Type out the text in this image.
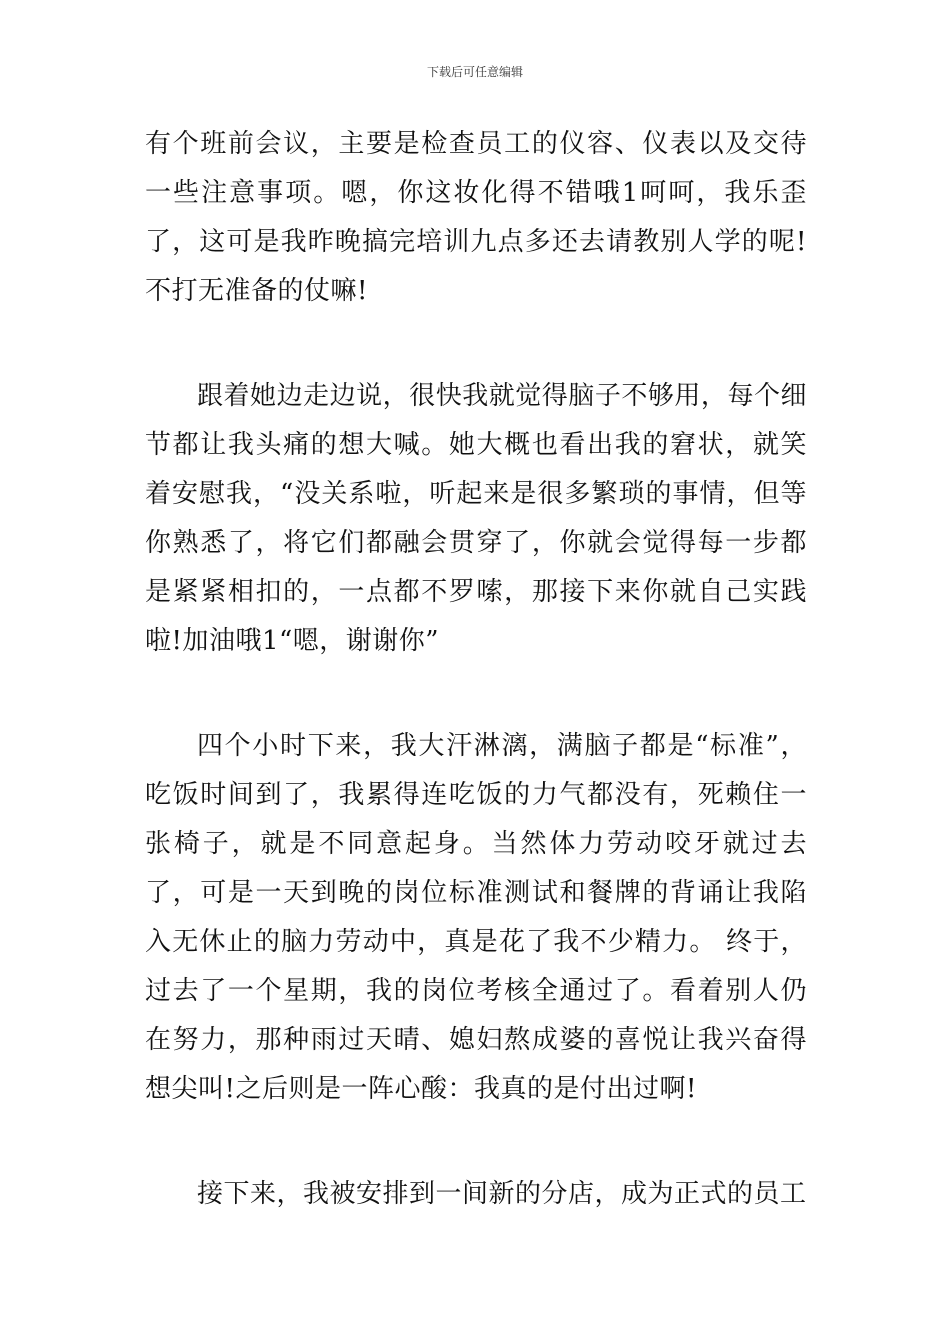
下载后可任意编辑

有个班前会议，主要是检查员工的仪容、仪表以及交待一些注意事项。嗯，你这妆化得不错哦1呵呵，我乐歪了，这可是我昨晚搞完培训九点多还去请教别人学的呢!不打无准备的仗嘛!

跟着她边走边说，很快我就觉得脑子不够用，每个细节都让我头痛的想大喊。她大概也看出我的窘状，就笑着安慰我，“没关系啦，听起来是很多繁琐的事情，但等你熟悉了，将它们都融会贯穿了，你就会觉得每一步都是紧紧相扣的，一点都不罗嗦，那接下来你就自己实践啦!加油哦1“嗯，谢谢你”

四个小时下来，我大汗淋漓，满脑子都是“标准”，吃饭时间到了，我累得连吃饭的力气都没有，死赖住一张椅子，就是不同意起身。当然体力劳动咬牙就过去了，可是一天到晚的岗位标准测试和餐牌的背诵让我陷入无休止的脑力劳动中，真是花了我不少精力。 终于，过去了一个星期，我的岗位考核全通过了。看着别人仍在努力，那种雨过天晴、媳妇熬成婆的喜悦让我兴奋得想尖叫!之后则是一阵心酸：我真的是付出过啊!

接下来，我被安排到一间新的分店，成为正式的员工
